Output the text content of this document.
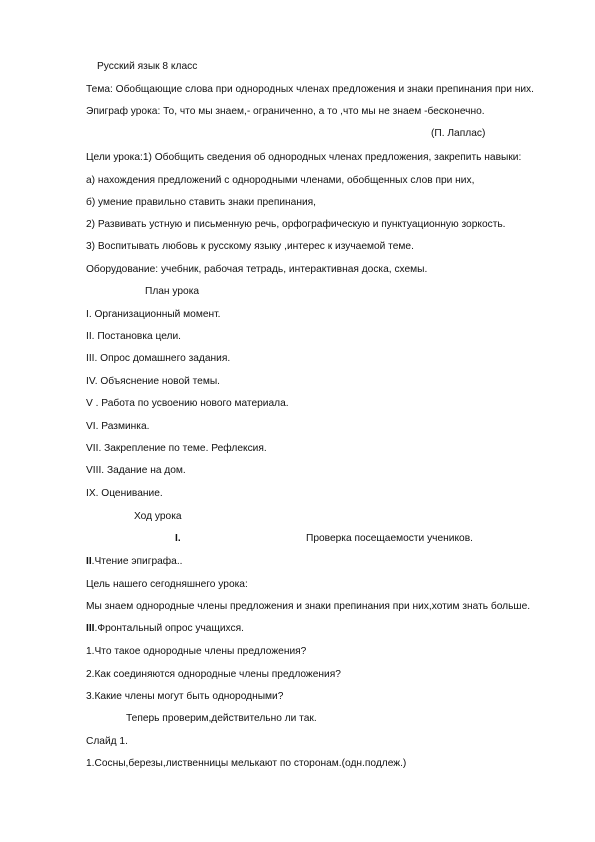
Русский язык 8 класс
Тема: Обобщающие слова при однородных членах предложения и знаки препинания при них.
Эпиграф урока: То, что мы знаем,- ограниченно, а то ,что мы не знаем -бесконечно.
(П. Лаплас)
Цели урока:1) Обобщить сведения об однородных членах предложения, закрепить навыки:
а) нахождения предложений с однородными членами, обобщенных слов при них,
б) умение правильно ставить знаки препинания,
2) Развивать устную и письменную речь, орфографическую и пунктуационную зоркость.
3) Воспитывать любовь к русскому языку ,интерес к изучаемой теме.
Оборудование: учебник, рабочая тетрадь, интерактивная доска, схемы.
План урока
I. Организационный момент.
II. Постановка цели.
III. Опрос домашнего задания.
IV. Объяснение новой темы.
V . Работа по усвоению нового материала.
VI. Разминка.
VII. Закрепление по теме. Рефлексия.
VIII. Задание на дом.
IX. Оценивание.
Ход урока
I.	Проверка посещаемости учеников.
II.Чтение эпиграфа..
Цель нашего сегодняшнего урока:
Мы знаем однородные члены предложения и знаки препинания при них,хотим знать больше.
III.Фронтальный опрос учащихся.
1.Что такое однородные члены предложения?
2.Как соединяются однородные члены предложения?
3.Какие члены могут быть однородными?
Теперь проверим,действительно ли так.
Слайд 1.
1.Сосны,березы,лиственницы мелькают по сторонам.(одн.подлеж.)
